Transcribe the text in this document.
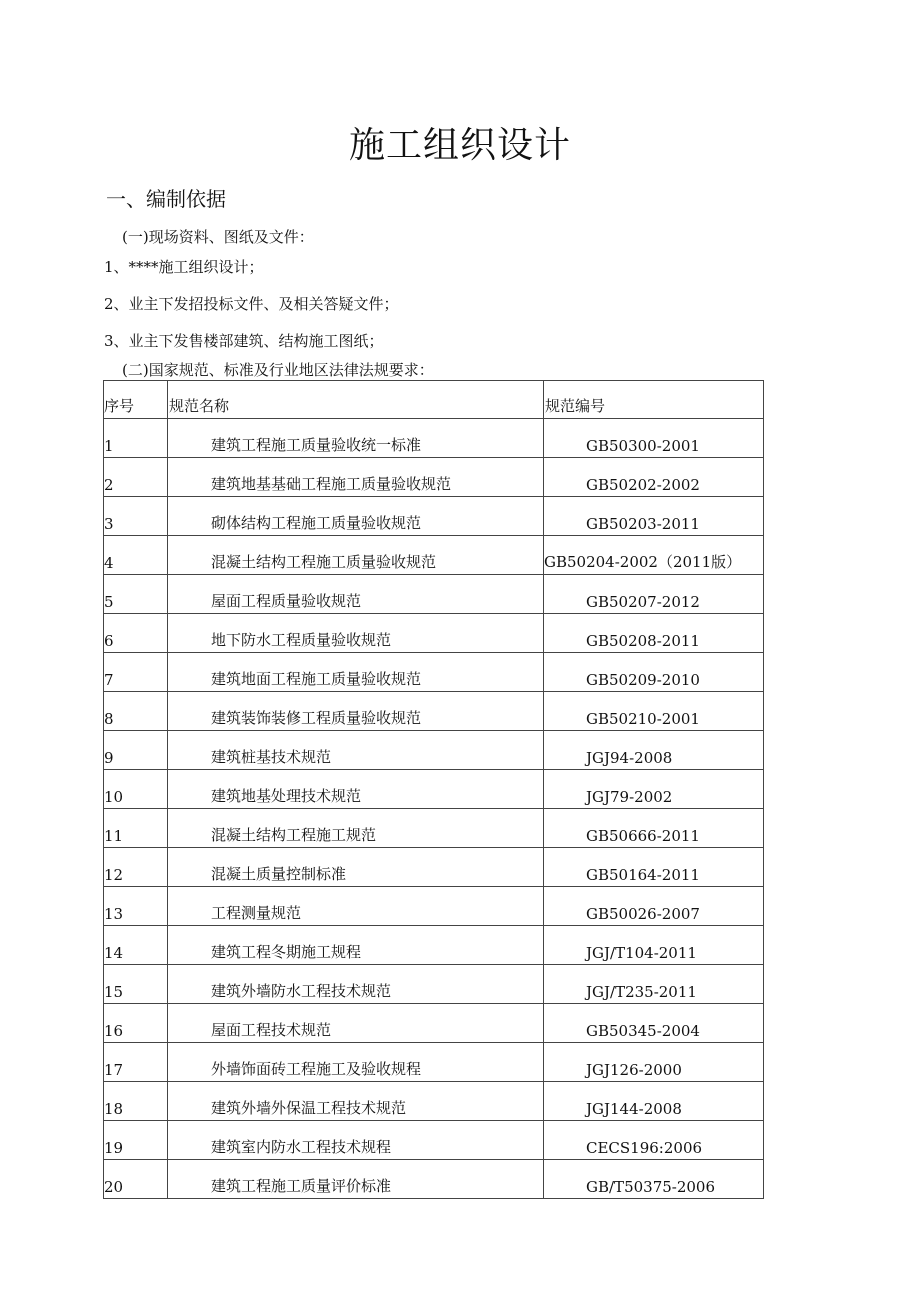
施工组织设计
一、编制依据
(一)现场资料、图纸及文件：
1、****施工组织设计；
2、业主下发招投标文件、及相关答疑文件；
3、业主下发售楼部建筑、结构施工图纸；
(二)国家规范、标准及行业地区法律法规要求：
序号	规范名称	规范编号
1	建筑工程施工质量验收统一标准	GB50300-2001
2	建筑地基基础工程施工质量验收规范	GB50202-2002
3	砌体结构工程施工质量验收规范	GB50203-2011
4	混凝土结构工程施工质量验收规范	GB50204-2002（2011版）
5	屋面工程质量验收规范	GB50207-2012
6	地下防水工程质量验收规范	GB50208-2011
7	建筑地面工程施工质量验收规范	GB50209-2010
8	建筑装饰装修工程质量验收规范	GB50210-2001
9	建筑桩基技术规范	JGJ94-2008
10	建筑地基处理技术规范	JGJ79-2002
11	混凝土结构工程施工规范	GB50666-2011
12	混凝土质量控制标准	GB50164-2011
13	工程测量规范	GB50026-2007
14	建筑工程冬期施工规程	JGJ/T104-2011
15	建筑外墙防水工程技术规范	JGJ/T235-2011
16	屋面工程技术规范	GB50345-2004
17	外墙饰面砖工程施工及验收规程	JGJ126-2000
18	建筑外墙外保温工程技术规范	JGJ144-2008
19	建筑室内防水工程技术规程	CECS196:2006
20	建筑工程施工质量评价标准	GB/T50375-2006
